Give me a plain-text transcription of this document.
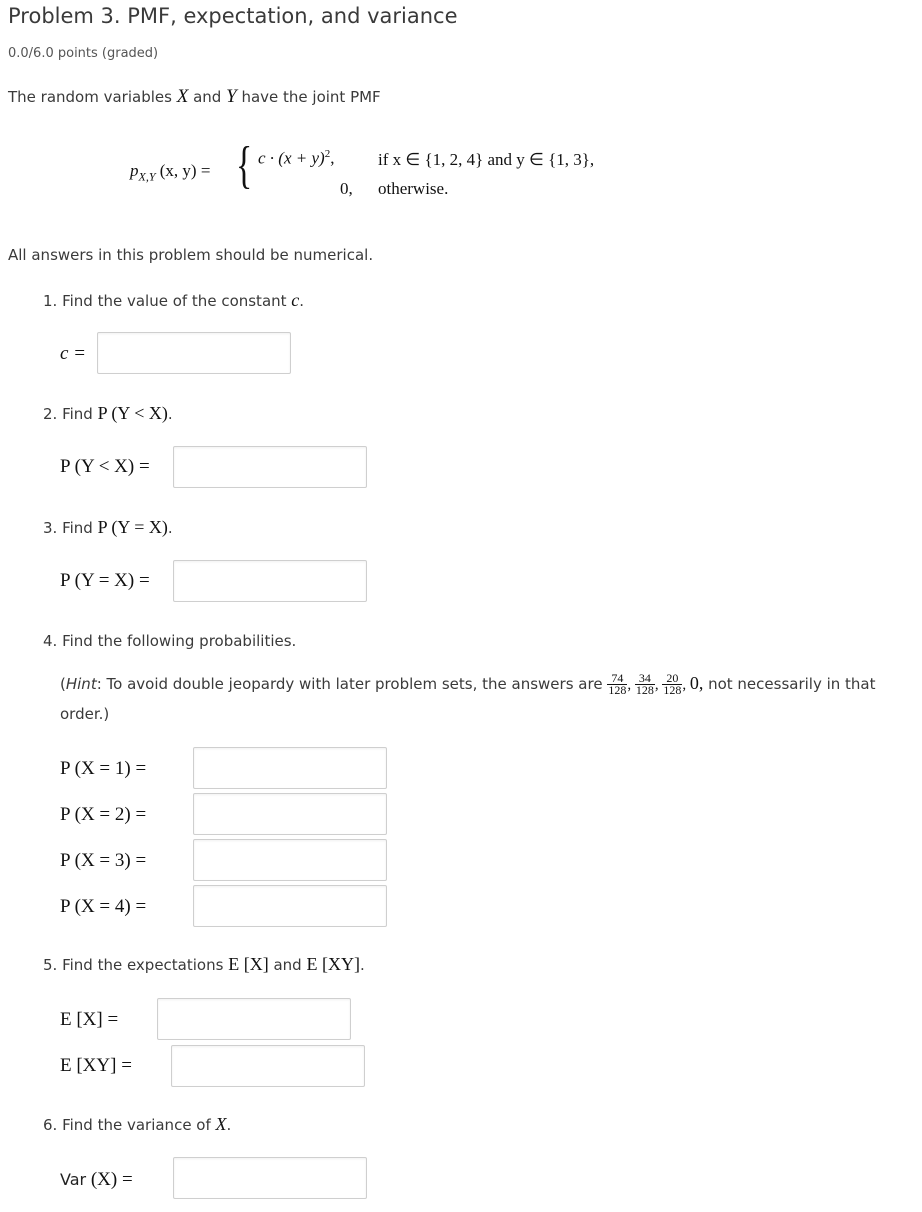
Problem 3. PMF, expectation, and variance
0.0/6.0 points (graded)
The random variables X and Y have the joint PMF
$p_{X,Y}$ (x, y) = { $c \cdot (x + y)^2$,	if x ∈ {1, 2, 4} and y ∈ {1, 3},
0, otherwise.
All answers in this problem should be numerical.
1. Find the value of the constant c.
c =
2. Find P (Y < X).
P (Y < X) =
3. Find P (Y = X).
P (Y = X) =
4. Find the following probabilities.
(Hint: To avoid double jeopardy with later problem sets, the answers are $\frac{74}{128}$ , $\frac{34}{128}$ , $\frac{20}{128}$ , 0, not necessarily in that
order.)
P (X = 1) =
P (X = 2) =
P (X = 3) =
P (X = 4) =
5. Find the expectations E [X] and E [XY].
E [X] =
E [XY] =
6. Find the variance of X.
Var (X) =
